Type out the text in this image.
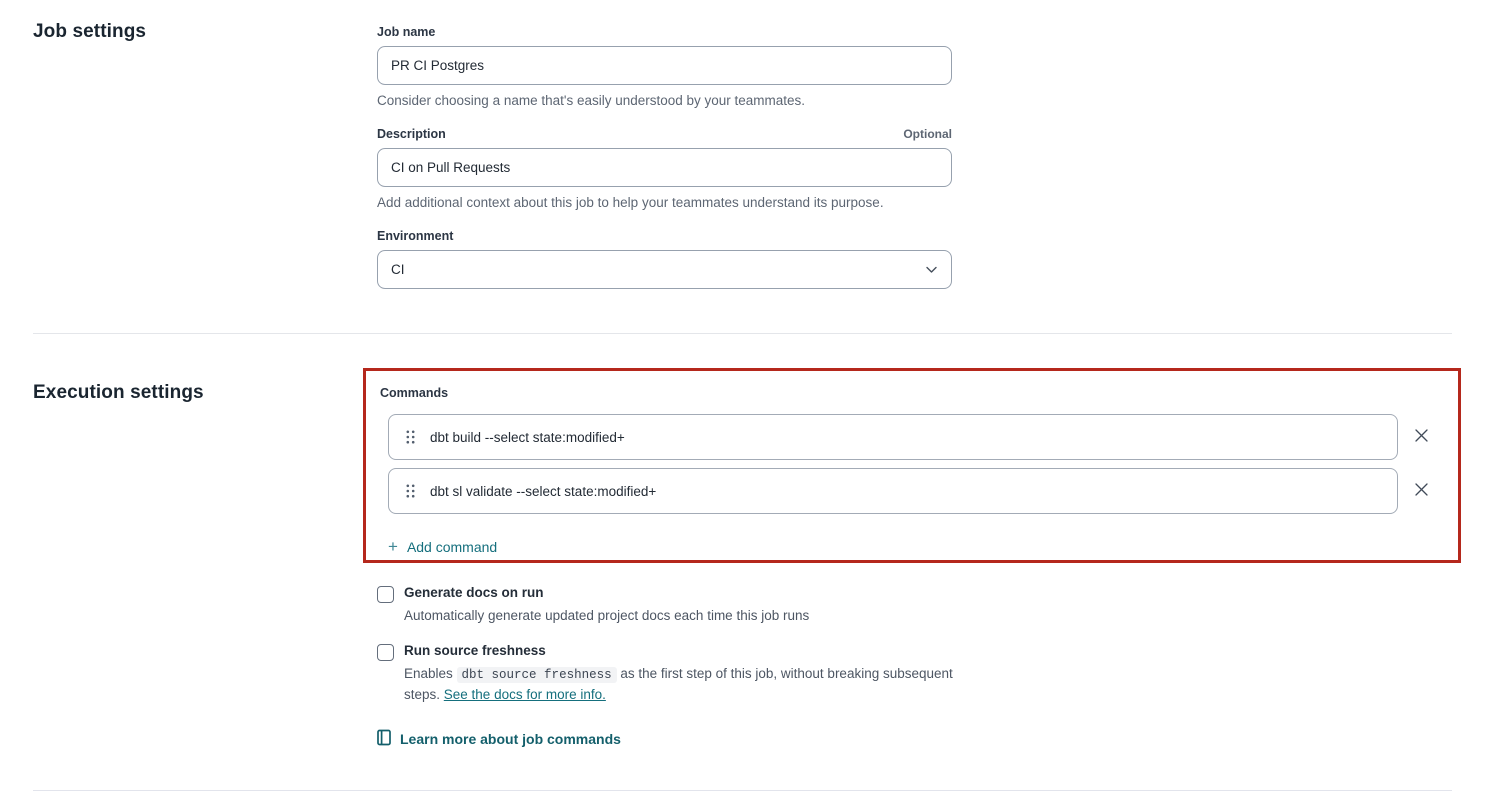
Job settings	Job name
PR CI Postgres
Consider choosing a name that's easily understood by your teammates.
Description	Optional
CI on Pull Requests
Add additional context about this job to help your teammates understand its purpose.
Environment
CI
Execution settings	Commands
dbt build --select state:modified+
dbt sl validate --select state:modified+
+ Add command
Generate docs on run
Automatically generate updated project docs each time this job runs
Run source freshness
Enables dbt source freshness as the first step of this job, without breaking subsequent steps. See the docs for more info.
Learn more about job commands
